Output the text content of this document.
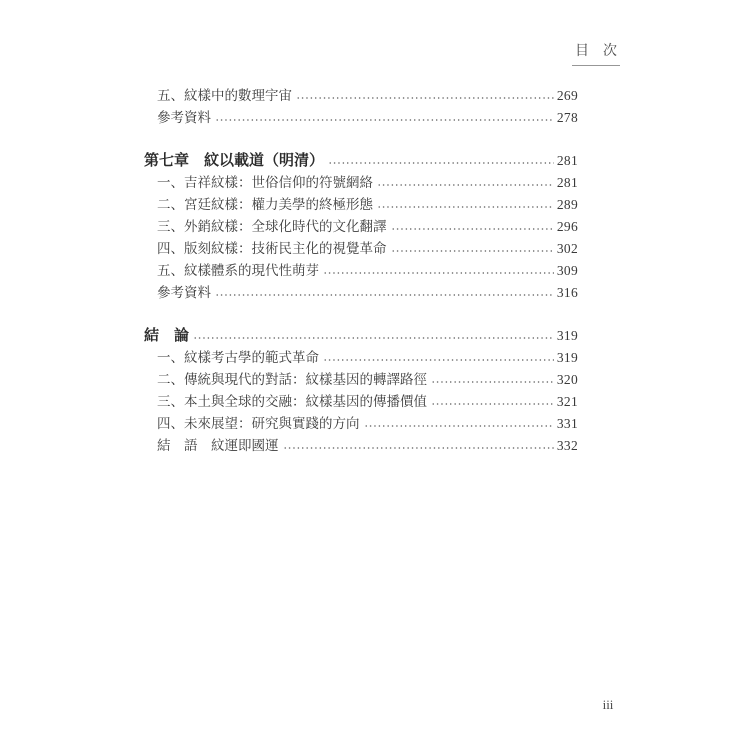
目　次
五、紋樣中的數理宇宙	269
參考資料	278
第七章　紋以載道（明清）	281
一、吉祥紋樣：世俗信仰的符號網絡	281
二、宮廷紋樣：權力美學的終極形態	289
三、外銷紋樣：全球化時代的文化翻譯	296
四、版刻紋樣：技術民主化的視覺革命	302
五、紋樣體系的現代性萌芽	309
參考資料	316
結　論	319
一、紋樣考古學的範式革命	319
二、傳統與現代的對話：紋樣基因的轉譯路徑	320
三、本土與全球的交融：紋樣基因的傳播價值	321
四、未來展望：研究與實踐的方向	331
結　語　紋運即國運	332
iii
